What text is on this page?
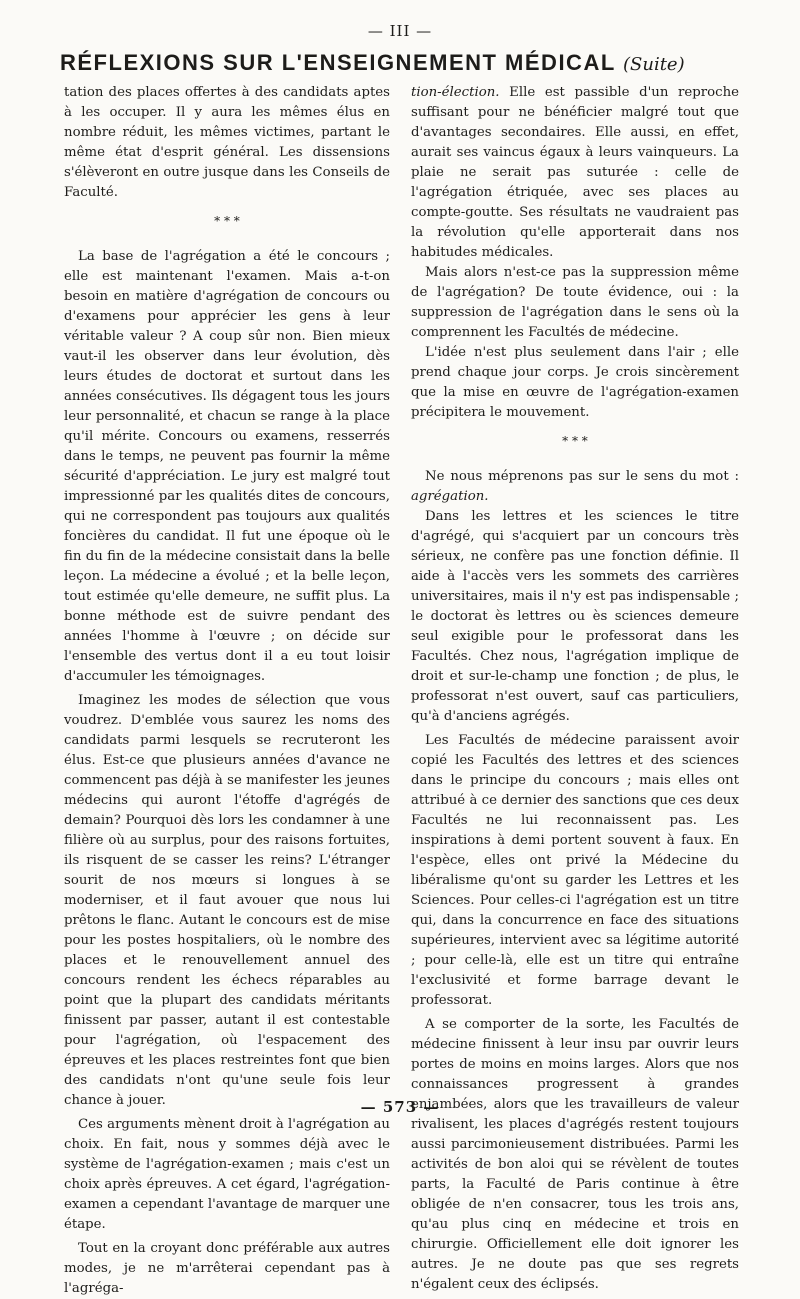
— III —
RÉFLEXIONS SUR L'ENSEIGNEMENT MÉDICAL (Suite)

tation des places offertes à des candidats aptes à les occuper. Il y aura les mêmes élus en nombre réduit, les mêmes victimes, partant le même état d'esprit général. Les dissensions s'élèveront en outre jusque dans les Conseils de Faculté.

* * *

La base de l'agrégation a été le concours ; elle est maintenant l'examen. Mais a-t-on besoin en matière d'agrégation de concours ou d'examens pour apprécier les gens à leur véritable valeur ? A coup sûr non. Bien mieux vaut-il les observer dans leur évolution, dès leurs études de doctorat et surtout dans les années consécutives. Ils dégagent tous les jours leur personnalité, et chacun se range à la place qu'il mérite. Concours ou examens, resserrés dans le temps, ne peuvent pas fournir la même sécurité d'appréciation. Le jury est malgré tout impressionné par les qualités dites de concours, qui ne correspondent pas toujours aux qualités foncières du candidat. Il fut une époque où le fin du fin de la médecine consistait dans la belle leçon. La médecine a évolué ; et la belle leçon, tout estimée qu'elle demeure, ne suffit plus. La bonne méthode est de suivre pendant des années l'homme à l'œuvre ; on décide sur l'ensemble des vertus dont il a eu tout loisir d'accumuler les témoignages.

Imaginez les modes de sélection que vous voudrez. D'emblée vous saurez les noms des candidats parmi lesquels se recruteront les élus. Est-ce que plusieurs années d'avance ne commencent pas déjà à se manifester les jeunes médecins qui auront l'étoffe d'agrégés de demain? Pourquoi dès lors les condamner à une filière où au surplus, pour des raisons fortuites, ils risquent de se casser les reins? L'étranger sourit de nos mœurs si longues à se moderniser, et il faut avouer que nous lui prêtons le flanc. Autant le concours est de mise pour les postes hospitaliers, où le nombre des places et le renouvellement annuel des concours rendent les échecs réparables au point que la plupart des candidats méritants finissent par passer, autant il est contestable pour l'agrégation, où l'espacement des épreuves et les places restreintes font que bien des candidats n'ont qu'une seule fois leur chance à jouer.

Ces arguments mènent droit à l'agrégation au choix. En fait, nous y sommes déjà avec le système de l'agrégation-examen ; mais c'est un choix après épreuves. A cet égard, l'agrégation-examen a cependant l'avantage de marquer une étape.

Tout en la croyant donc préférable aux autres modes, je ne m'arrêterai cependant pas à l'agréga-

tion-élection. Elle est passible d'un reproche suffisant pour ne bénéficier malgré tout que d'avantages secondaires. Elle aussi, en effet, aurait ses vaincus égaux à leurs vainqueurs. La plaie ne serait pas suturée : celle de l'agrégation étriquée, avec ses places au compte-goutte. Ses résultats ne vaudraient pas la révolution qu'elle apporterait dans nos habitudes médicales.

Mais alors n'est-ce pas la suppression même de l'agrégation? De toute évidence, oui : la suppression de l'agrégation dans le sens où la comprennent les Facultés de médecine.

L'idée n'est plus seulement dans l'air ; elle prend chaque jour corps. Je crois sincèrement que la mise en œuvre de l'agrégation-examen précipitera le mouvement.

* * *

Ne nous méprenons pas sur le sens du mot : agrégation.

Dans les lettres et les sciences le titre d'agrégé, qui s'acquiert par un concours très sérieux, ne confère pas une fonction définie. Il aide à l'accès vers les sommets des carrières universitaires, mais il n'y est pas indispensable ; le doctorat ès lettres ou ès sciences demeure seul exigible pour le professorat dans les Facultés. Chez nous, l'agrégation implique de droit et sur-le-champ une fonction ; de plus, le professorat n'est ouvert, sauf cas particuliers, qu'à d'anciens agrégés.

Les Facultés de médecine paraissent avoir copié les Facultés des lettres et des sciences dans le principe du concours ; mais elles ont attribué à ce dernier des sanctions que ces deux Facultés ne lui reconnaissent pas. Les inspirations à demi portent souvent à faux. En l'espèce, elles ont privé la Médecine du libéralisme qu'ont su garder les Lettres et les Sciences. Pour celles-ci l'agrégation est un titre qui, dans la concurrence en face des situations supérieures, intervient avec sa légitime autorité ; pour celle-là, elle est un titre qui entraîne l'exclusivité et forme barrage devant le professorat.

A se comporter de la sorte, les Facultés de médecine finissent à leur insu par ouvrir leurs portes de moins en moins larges. Alors que nos connaissances progressent à grandes enjambées, alors que les travailleurs de valeur rivalisent, les places d'agrégés restent toujours aussi parcimonieusement distribuées. Parmi les activités de bon aloi qui se révèlent de toutes parts, la Faculté de Paris continue à être obligée de n'en consacrer, tous les trois ans, qu'au plus cinq en médecine et trois en chirurgie. Officiellement elle doit ignorer les autres. Je ne doute pas que ses regrets n'égalent ceux des éclipsés.

— 573 —
